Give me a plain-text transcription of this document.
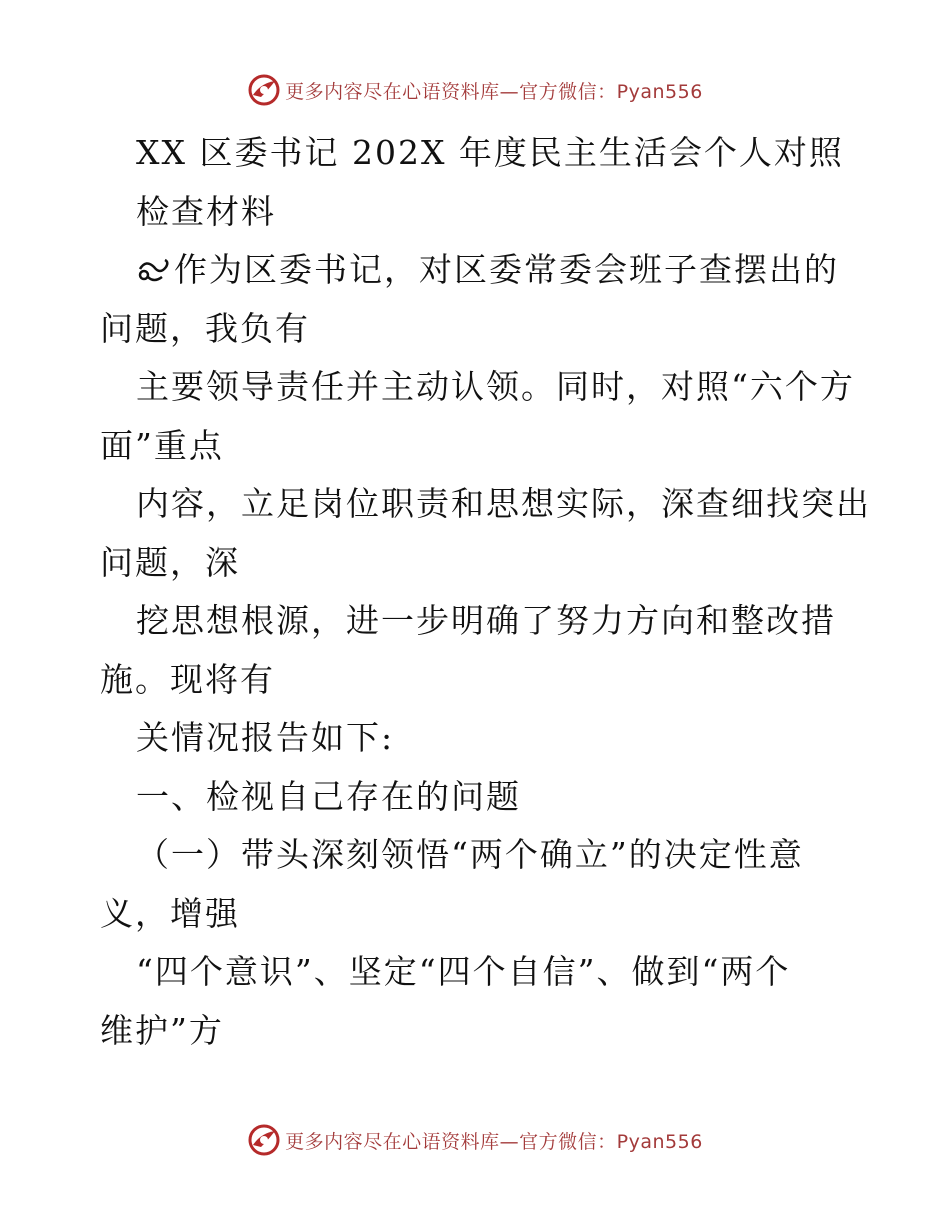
更多内容尽在心语资料库—官方微信：Pyan556
XX 区委书记 202X 年度民主生活会个人对照
检查材料
作为区委书记，对区委常委会班子查摆出的
问题，我负有
主要领导责任并主动认领。同时，对照“六个方
面”重点
内容，立足岗位职责和思想实际，深查细找突出
问题，深
挖思想根源，进一步明确了努力方向和整改措
施。现将有
关情况报告如下:
一、检视自己存在的问题
（一）带头深刻领悟“两个确立”的决定性意
义，增强
“四个意识”、坚定“四个自信”、做到“两个
维护”方
更多内容尽在心语资料库—官方微信：Pyan556
